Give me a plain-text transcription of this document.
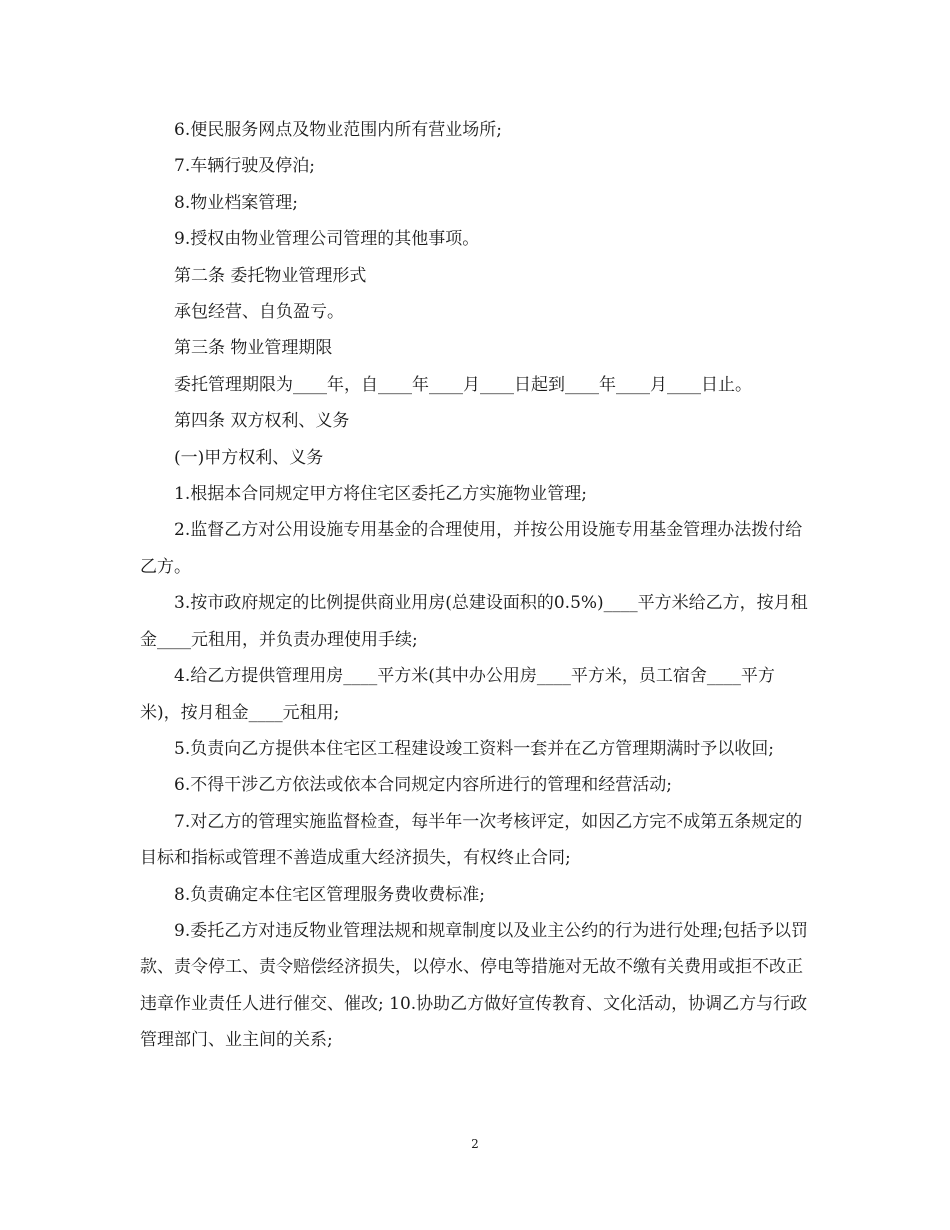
6.便民服务网点及物业范围内所有营业场所;

7.车辆行驶及停泊;

8.物业档案管理;

9.授权由物业管理公司管理的其他事项。

第二条 委托物业管理形式

承包经营、自负盈亏。

第三条 物业管理期限

委托管理期限为____年，自____年____月____日起到____年____月____日止。

第四条 双方权利、义务

(一)甲方权利、义务

1.根据本合同规定甲方将住宅区委托乙方实施物业管理;

2.监督乙方对公用设施专用基金的合理使用，并按公用设施专用基金管理办法拨付给乙方。

3.按市政府规定的比例提供商业用房(总建设面积的0.5%)____平方米给乙方，按月租金____元租用，并负责办理使用手续;

4.给乙方提供管理用房____平方米(其中办公用房____平方米，员工宿舍____平方米)，按月租金____元租用;

5.负责向乙方提供本住宅区工程建设竣工资料一套并在乙方管理期满时予以收回;

6.不得干涉乙方依法或依本合同规定内容所进行的管理和经营活动;

7.对乙方的管理实施监督检查，每半年一次考核评定，如因乙方完不成第五条规定的目标和指标或管理不善造成重大经济损失，有权终止合同;

8.负责确定本住宅区管理服务费收费标准;

9.委托乙方对违反物业管理法规和规章制度以及业主公约的行为进行处理;包括予以罚款、责令停工、责令赔偿经济损失，以停水、停电等措施对无故不缴有关费用或拒不改正违章作业责任人进行催交、催改; 10.协助乙方做好宣传教育、文化活动，协调乙方与行政管理部门、业主间的关系;

2
